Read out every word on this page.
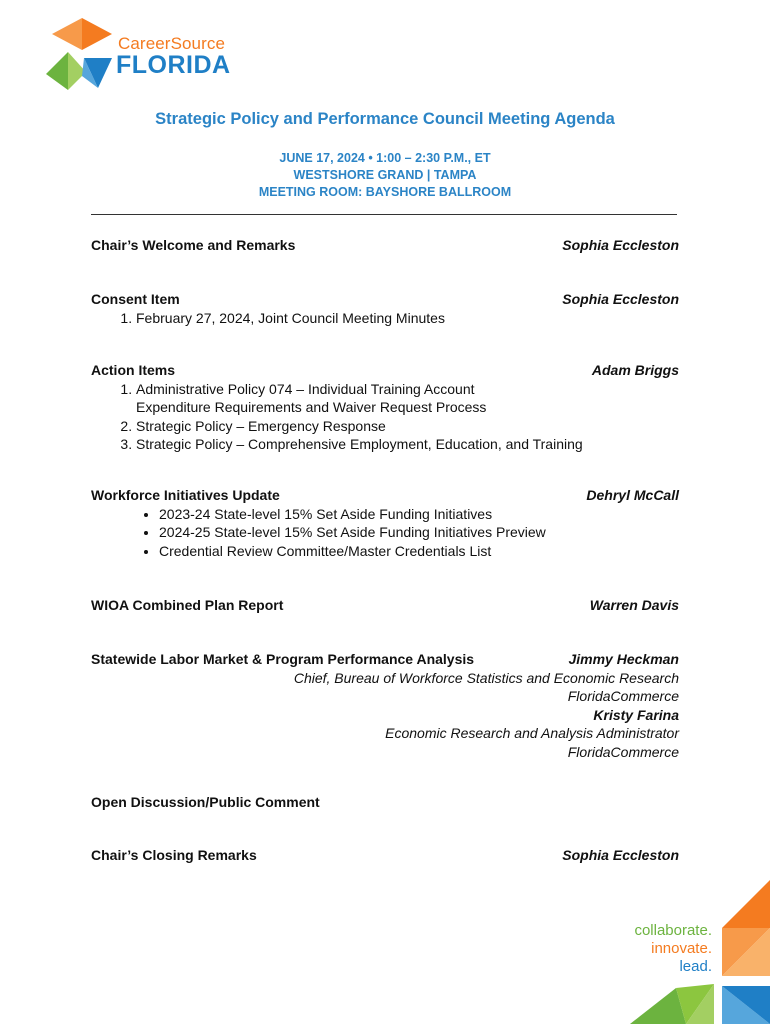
CareerSource
FLORIDA
Strategic Policy and Performance Council Meeting Agenda
JUNE 17, 2024 • 1:00 – 2:30 P.M., ET
WESTSHORE GRAND | TAMPA
MEETING ROOM: BAYSHORE BALLROOM
Chair’s Welcome and Remarks	Sophia Eccleston
Consent Item	Sophia Eccleston
1. February 27, 2024, Joint Council Meeting Minutes
Action Items	Adam Briggs
1. Administrative Policy 074 – Individual Training Account Expenditure Requirements and Waiver Request Process
2. Strategic Policy – Emergency Response
3. Strategic Policy – Comprehensive Employment, Education, and Training
Workforce Initiatives Update	Dehryl McCall
• 2023-24 State-level 15% Set Aside Funding Initiatives
• 2024-25 State-level 15% Set Aside Funding Initiatives Preview
• Credential Review Committee/Master Credentials List
WIOA Combined Plan Report	Warren Davis
Statewide Labor Market & Program Performance Analysis	Jimmy Heckman
Chief, Bureau of Workforce Statistics and Economic Research
FloridaCommerce
Kristy Farina
Economic Research and Analysis Administrator
FloridaCommerce
Open Discussion/Public Comment
Chair’s Closing Remarks	Sophia Eccleston
collaborate.
innovate.
lead.
